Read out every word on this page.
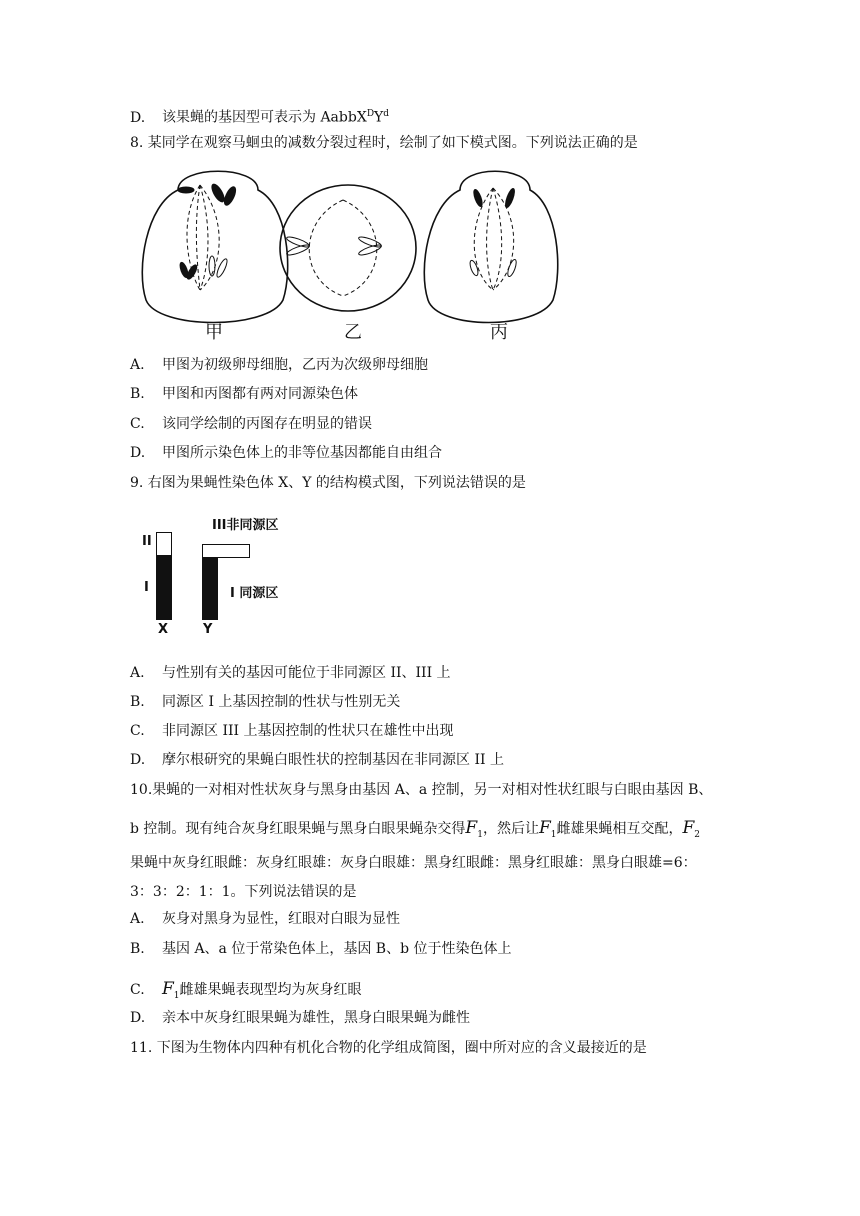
D. 该果蝇的基因型可表示为 $AabbX^DY^d$
8. 某同学在观察马蛔虫的减数分裂过程时，绘制了如下模式图。下列说法正确的是
甲	乙	丙
A. 甲图为初级卵母细胞，乙丙为次级卵母细胞
B. 甲图和丙图都有两对同源染色体
C. 该同学绘制的丙图存在明显的错误
D. 甲图所示染色体上的非等位基因都能自由组合
9. 右图为果蝇性染色体 X、Y 的结构模式图，下列说法错误的是
III非同源区
II
I	I 同源区
X	Y
A. 与性别有关的基因可能位于非同源区 II、III 上
B. 同源区 I 上基因控制的性状与性别无关
C. 非同源区 III 上基因控制的性状只在雄性中出现
D. 摩尔根研究的果蝇白眼性状的控制基因在非同源区 II 上
10.果蝇的一对相对性状灰身与黑身由基因 A、a 控制，另一对相对性状红眼与白眼由基因 B、
b 控制。现有纯合灰身红眼果蝇与黑身白眼果蝇杂交得$F_1$，然后让$F_1$雌雄果蝇相互交配，$F_2$
果蝇中灰身红眼雌：灰身红眼雄：灰身白眼雄：黑身红眼雌：黑身红眼雄：黑身白眼雄=6：
3：3：2：1：1。下列说法错误的是
A. 灰身对黑身为显性，红眼对白眼为显性
B. 基因 A、a 位于常染色体上，基因 B、b 位于性染色体上
C. $F_1$雌雄果蝇表现型均为灰身红眼
D. 亲本中灰身红眼果蝇为雄性，黑身白眼果蝇为雌性
11. 下图为生物体内四种有机化合物的化学组成简图，圈中所对应的含义最接近的是
